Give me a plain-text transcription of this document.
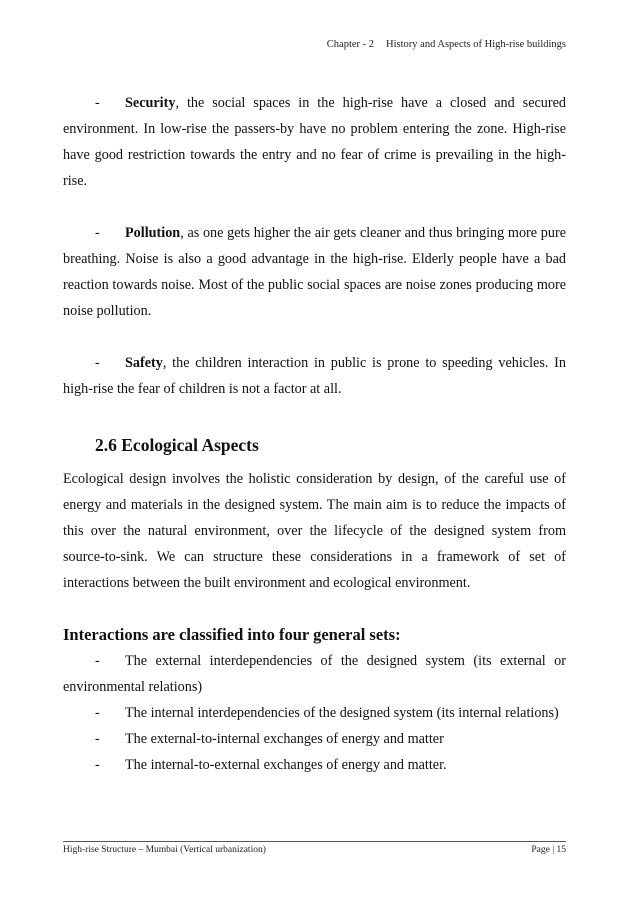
Chapter - 2 History and Aspects of High-rise buildings

- Security, the social spaces in the high-rise have a closed and secured environment. In low-rise the passers-by have no problem entering the zone. High-rise have good restriction towards the entry and no fear of crime is prevailing in the high-rise.

- Pollution, as one gets higher the air gets cleaner and thus bringing more pure breathing. Noise is also a good advantage in the high-rise. Elderly people have a bad reaction towards noise. Most of the public social spaces are noise zones producing more noise pollution.

- Safety, the children interaction in public is prone to speeding vehicles. In high-rise the fear of children is not a factor at all.

2.6 Ecological Aspects

Ecological design involves the holistic consideration by design, of the careful use of energy and materials in the designed system. The main aim is to reduce the impacts of this over the natural environment, over the lifecycle of the designed system from source-to-sink. We can structure these considerations in a framework of set of interactions between the built environment and ecological environment.

Interactions are classified into four general sets:

- The external interdependencies of the designed system (its external or environmental relations)

- The internal interdependencies of the designed system (its internal relations)

- The external-to-internal exchanges of energy and matter

- The internal-to-external exchanges of energy and matter.

High-rise Structure – Mumbai (Vertical urbanization)	Page | 15
